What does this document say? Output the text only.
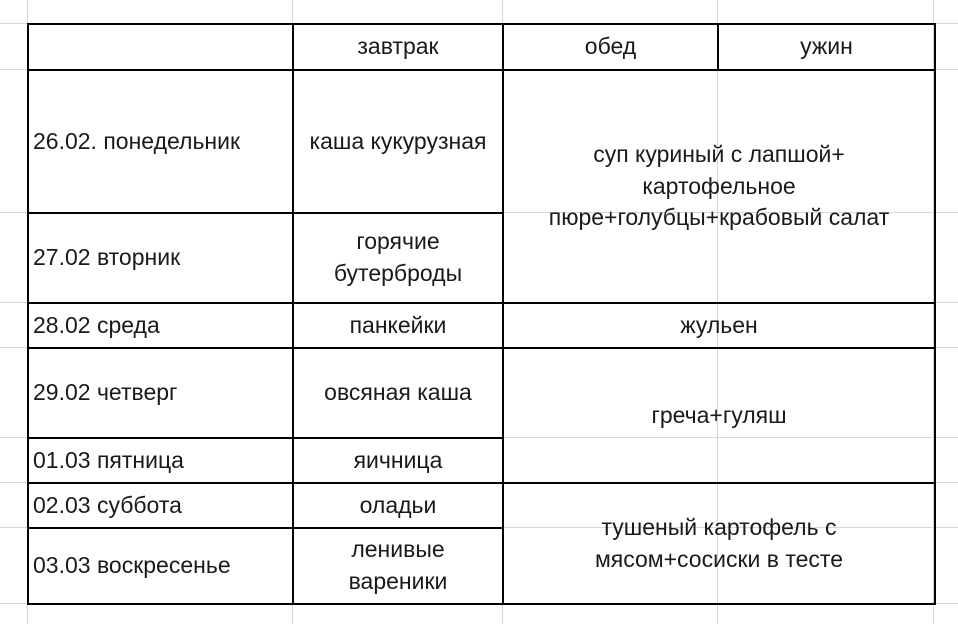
	завтрак	обед	ужин
26.02. понедельник	каша кукурузная	суп куриный с лапшой+ картофельное пюре+голубцы+крабовый салат	
27.02 вторник	горячие бутерброды		
28.02 среда	панкейки	жульен	
29.02 четверг	овсяная каша	греча+гуляш	
01.03 пятница	яичница		
02.03 суббота	оладьи	тушеный картофель с мясом+сосиски в тесте	
03.03 воскресенье	ленивые вареники		
